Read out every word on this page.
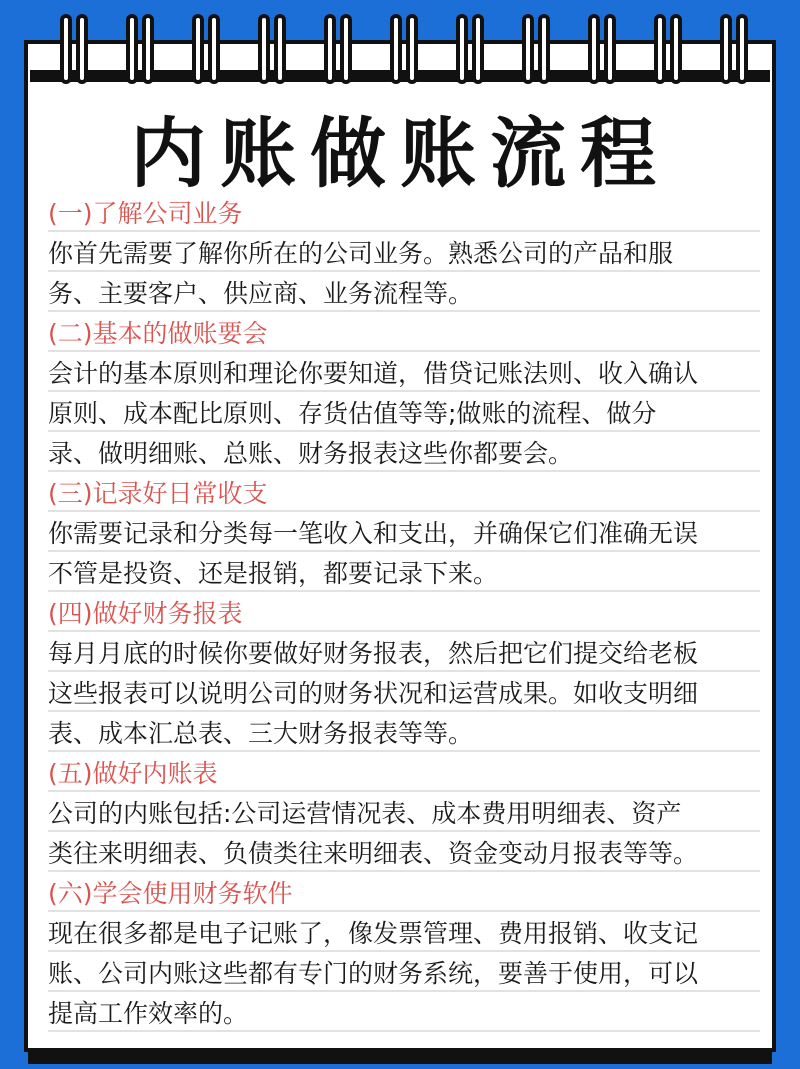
内账做账流程
(一)了解公司业务
你首先需要了解你所在的公司业务。熟悉公司的产品和服
务、主要客户、供应商、业务流程等。
(二)基本的做账要会
会计的基本原则和理论你要知道，借贷记账法则、收入确认
原则、成本配比原则、存货估值等等;做账的流程、做分
录、做明细账、总账、财务报表这些你都要会。
(三)记录好日常收支
你需要记录和分类每一笔收入和支出，并确保它们准确无误
不管是投资、还是报销，都要记录下来。
(四)做好财务报表
每月月底的时候你要做好财务报表，然后把它们提交给老板
这些报表可以说明公司的财务状况和运营成果。如收支明细
表、成本汇总表、三大财务报表等等。
(五)做好内账表
公司的内账包括:公司运营情况表、成本费用明细表、资产
类往来明细表、负债类往来明细表、资金变动月报表等等。
(六)学会使用财务软件
现在很多都是电子记账了，像发票管理、费用报销、收支记
账、公司内账这些都有专门的财务系统，要善于使用，可以
提高工作效率的。
